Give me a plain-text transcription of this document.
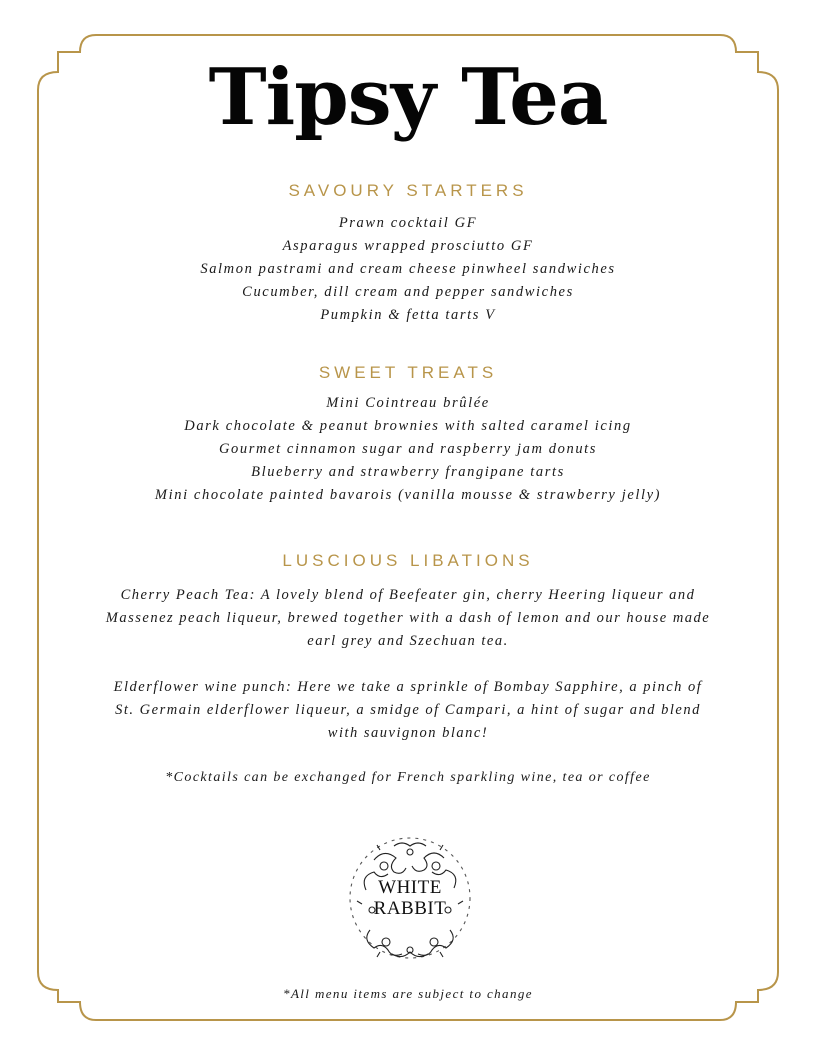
Tipsy Tea
SAVOURY STARTERS
Prawn cocktail GF
Asparagus wrapped prosciutto GF
Salmon pastrami and cream cheese pinwheel sandwiches
Cucumber, dill cream and pepper sandwiches
Pumpkin & fetta tarts V
SWEET TREATS
Mini Cointreau brûlée
Dark chocolate & peanut brownies with salted caramel icing
Gourmet cinnamon sugar and raspberry jam donuts
Blueberry and strawberry frangipane tarts
Mini chocolate painted bavarois (vanilla mousse & strawberry jelly)
LUSCIOUS LIBATIONS

Cherry Peach Tea: A lovely blend of Beefeater gin, cherry Heering liqueur and Massenez peach liqueur, brewed together with a dash of lemon and our house made earl grey and Szechuan tea.

Elderflower wine punch: Here we take a sprinkle of Bombay Sapphire, a pinch of St. Germain elderflower liqueur, a smidge of Campari, a hint of sugar and blend with sauvignon blanc!

*Cocktails can be exchanged for French sparkling wine, tea or coffee

WHITE
RABBIT

*All menu items are subject to change
